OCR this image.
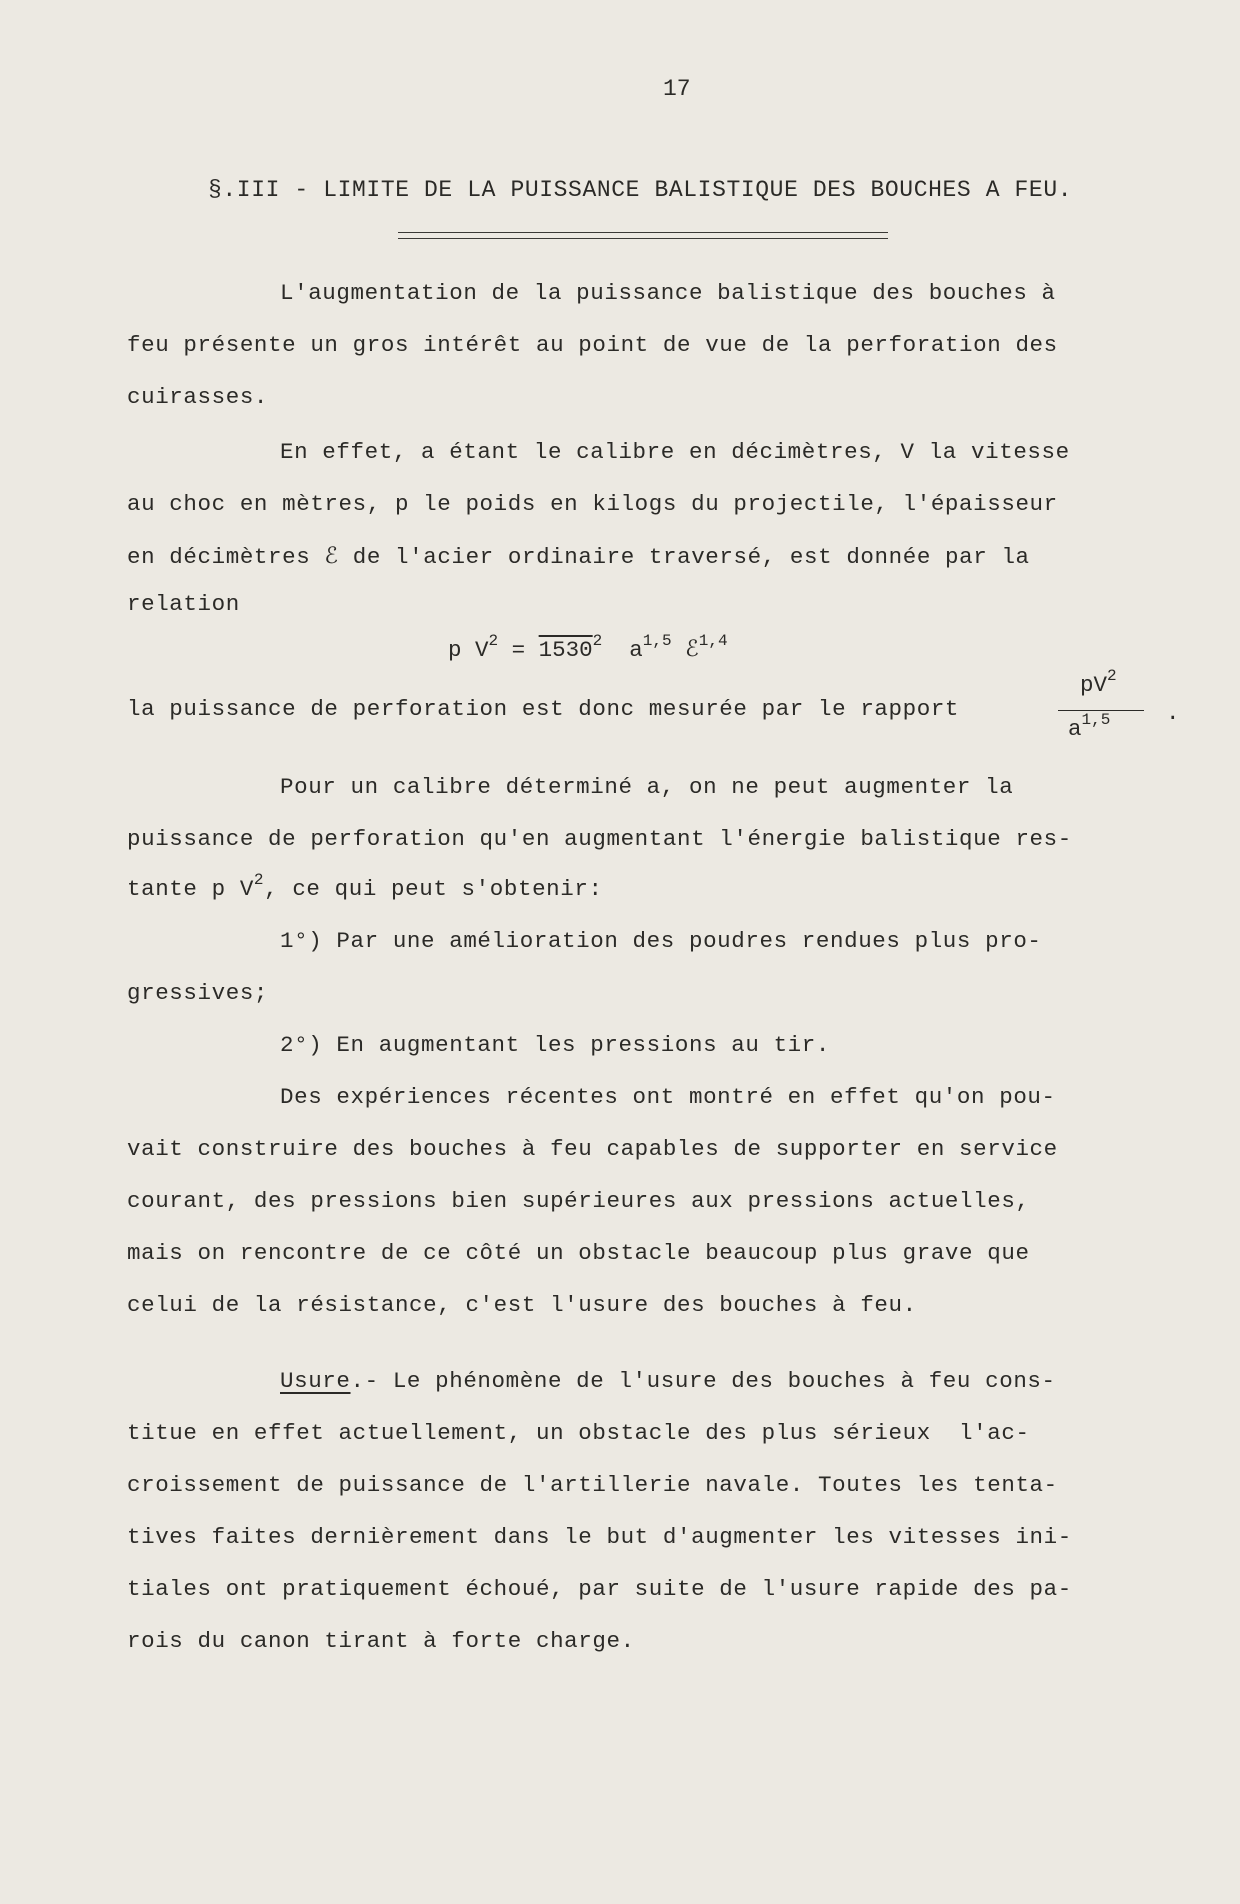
17
§.III - LIMITE DE LA PUISSANCE BALISTIQUE DES BOUCHES A FEU.
L'augmentation de la puissance balistique des bouches à
feu présente un gros intérêt au point de vue de la perforation des
cuirasses.
En effet, a étant le calibre en décimètres, V la vitesse
au choc en mètres, p le poids en kilogs du projectile, l'épaisseur
en décimètres ℰ de l'acier ordinaire traversé, est donnée par la
relation
p $V^2 = 1530^2$ $a^{1,5}$ ℰ$^{1,4}$
la puissance de perforation est donc mesurée par le rapport
$pV^2$
$a^{1,5}$ .
Pour un calibre déterminé a, on ne peut augmenter la
puissance de perforation qu'en augmentant l'énergie balistique res-
tante p $V^2$, ce qui peut s'obtenir:
1°) Par une amélioration des poudres rendues plus pro-
gressives;
2°) En augmentant les pressions au tir.
Des expériences récentes ont montré en effet qu'on pou-
vait construire des bouches à feu capables de supporter en service
courant, des pressions bien supérieures aux pressions actuelles,
mais on rencontre de ce côté un obstacle beaucoup plus grave que
celui de la résistance, c'est l'usure des bouches à feu.
Usure.- Le phénomène de l'usure des bouches à feu cons-
titue en effet actuellement, un obstacle des plus sérieux  l'ac-
croissement de puissance de l'artillerie navale. Toutes les tenta-
tives faites dernièrement dans le but d'augmenter les vitesses ini-
tiales ont pratiquement échoué, par suite de l'usure rapide des pa-
rois du canon tirant à forte charge.
